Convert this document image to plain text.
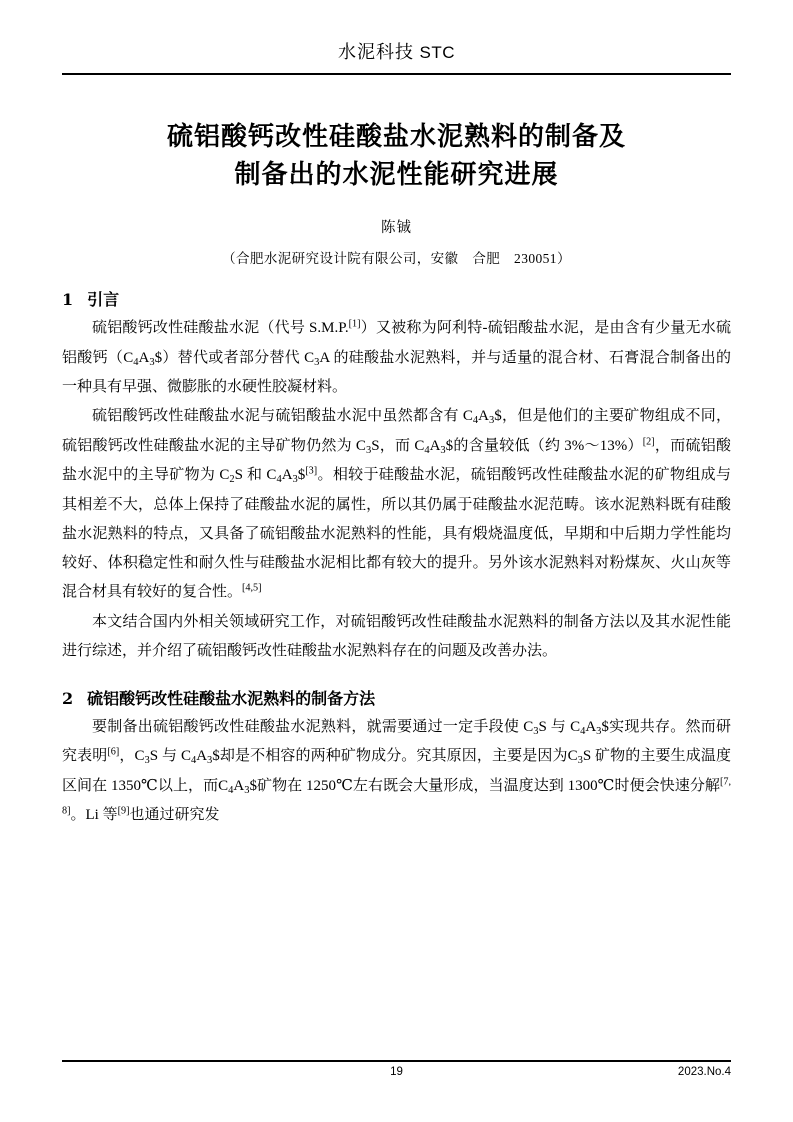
水泥科技 STC
硫铝酸钙改性硅酸盐水泥熟料的制备及
制备出的水泥性能研究进展
陈铖
（合肥水泥研究设计院有限公司，安徽　合肥　230051）
1 引言

硫铝酸钙改性硅酸盐水泥（代号 S.M.P.[1]）又被称为阿利特-硫铝酸盐水泥，是由含有少量无水硫铝酸钙$(C_4A_3\$)$替代或者部分替代 $C_3A$ 的硅酸盐水泥熟料，并与适量的混合材、石膏混合制备出的一种具有早强、微膨胀的水硬性胶凝材料。

硫铝酸钙改性硅酸盐水泥与硫铝酸盐水泥中虽然都含有 $C_4A_3\$$，但是他们的主要矿物组成不同，硫铝酸钙改性硅酸盐水泥的主导矿物仍然为 $C_3S$，而 $C_4A_3\$$的含量较低（约 3%～13%）[2]，而硫铝酸盐水泥中的主导矿物为 $C_2S$ 和 $C_4A_3\$[3]$。相较于硅酸盐水泥，硫铝酸钙改性硅酸盐水泥的矿物组成与其相差不大，总体上保持了硅酸盐水泥的属性，所以其仍属于硅酸盐水泥范畴。该水泥熟料既有硅酸盐水泥熟料的特点，又具备了硫铝酸盐水泥熟料的性能，具有煅烧温度低，早期和中后期力学性能均较好、体积稳定性和耐久性与硅酸盐水泥相比都有较大的提升。另外该水泥熟料对粉煤灰、火山灰等混合材具有较好的复合性。[4,5]

本文结合国内外相关领域研究工作，对硫铝酸钙改性硅酸盐水泥熟料的制备方法以及其水泥性能进行综述，并介绍了硫铝酸钙改性硅酸盐水泥熟料存在的问题及改善办法。

2 硫铝酸钙改性硅酸盐水泥熟料的制备方法

要制备出硫铝酸钙改性硅酸盐水泥熟料，就需要通过一定手段使 $C_3S$ 与 $C_4A_3\$$实现共存。然而研究表明[6]，$C_3S$ 与 $C_4A_3\$$却是不相容的两种矿物成分。究其原因，主要是因为$C_3S$ 矿物的主要生成温度区间在 1350℃以上，而$C_4A_3\$$矿物在 1250℃左右既会大量形成，当温度达到 1300℃时便会快速分解[7, 8]。Li 等[9]也通过研究发

19	2023.No.4
